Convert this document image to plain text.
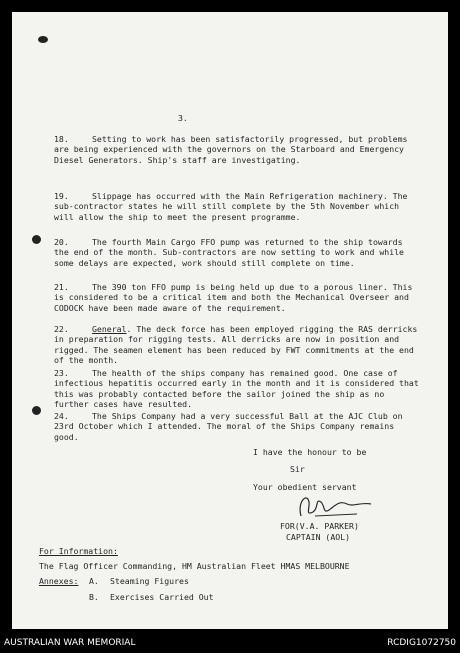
3.
18.	Setting to work has been satisfactorily progressed, but problems are being experienced with the governors on the Starboard and Emergency Diesel Generators. Ship's staff are investigating.
19.	Slippage has occurred with the Main Refrigeration machinery. The sub-contractor states he will still complete by the 5th November which will allow the ship to meet the present programme.
20.	The fourth Main Cargo FFO pump was returned to the ship towards the end of the month. Sub-contractors are now setting to work and while some delays are expected, work should still complete on time.
21.	The 390 ton FFO pump is being held up due to a porous liner. This is considered to be a critical item and both the Mechanical Overseer and CODOCK have been made aware of the requirement.
22.	General. The deck force has been employed rigging the RAS derricks in preparation for rigging tests. All derricks are now in position and rigged. The seamen element has been reduced by FWT commitments at the end of the month.
23.	The health of the ships company has remained good. One case of infectious hepatitis occurred early in the month and it is considered that this was probably contacted before the sailor joined the ship as no further cases have resulted.
24.	The Ships Company had a very successful Ball at the AJC Club on 23rd October which I attended. The moral of the Ships Company remains good.
I have the honour to be
Sir
Your obedient servant
FOR(V.A. PARKER)
CAPTAIN (AOL)
For Information:
The Flag Officer Commanding, HM Australian Fleet HMAS MELBOURNE
Annexes: A. Steaming Figures
B. Exercises Carried Out
AUSTRALIAN WAR MEMORIAL	RCDIG1072750
